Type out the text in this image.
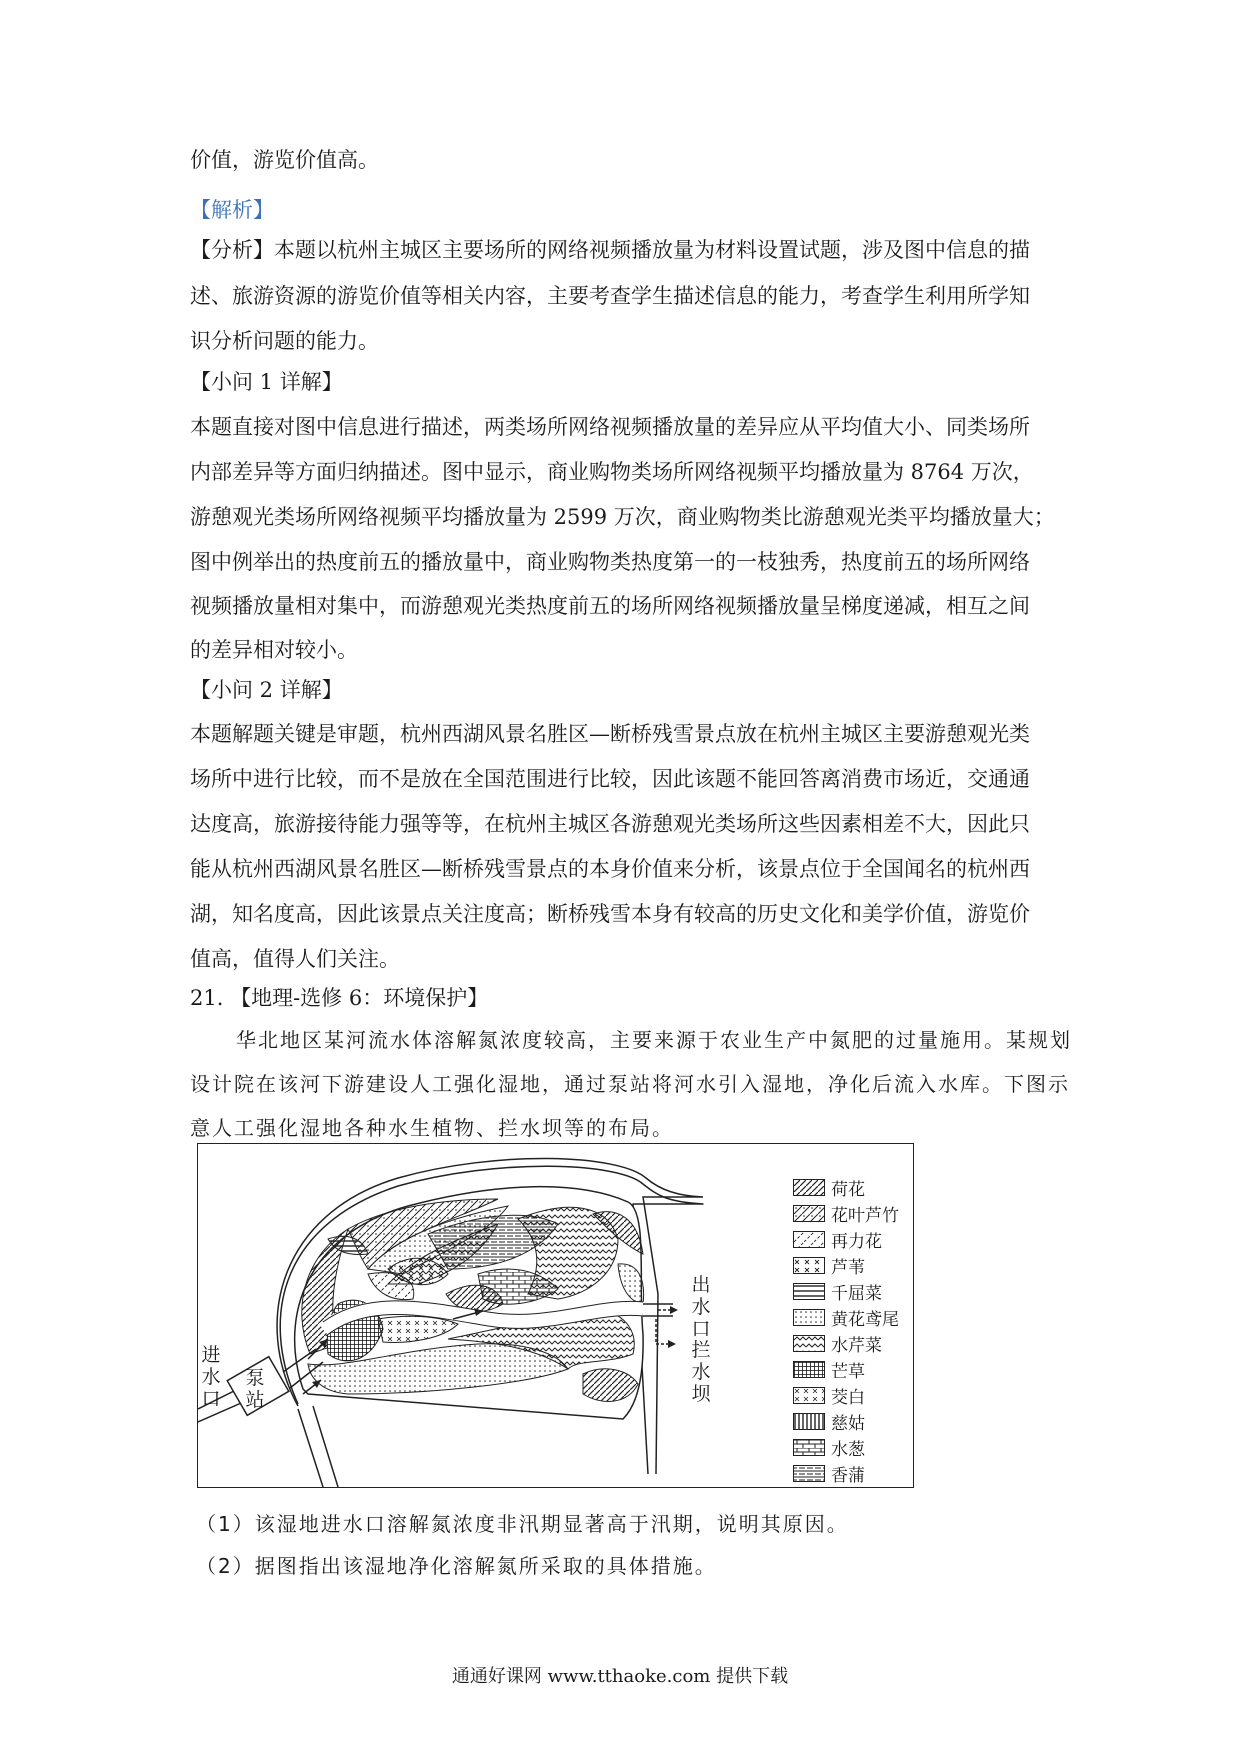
价值，游览价值高。
【解析】
【分析】本题以杭州主城区主要场所的网络视频播放量为材料设置试题，涉及图中信息的描
述、旅游资源的游览价值等相关内容，主要考查学生描述信息的能力，考查学生利用所学知
识分析问题的能力。
【小问 1 详解】
本题直接对图中信息进行描述，两类场所网络视频播放量的差异应从平均值大小、同类场所
内部差异等方面归纳描述。图中显示，商业购物类场所网络视频平均播放量为 8764 万次，
游憩观光类场所网络视频平均播放量为 2599 万次，商业购物类比游憩观光类平均播放量大；
图中例举出的热度前五的播放量中，商业购物类热度第一的一枝独秀，热度前五的场所网络
视频播放量相对集中，而游憩观光类热度前五的场所网络视频播放量呈梯度递减，相互之间
的差异相对较小。
【小问 2 详解】
本题解题关键是审题，杭州西湖风景名胜区—断桥残雪景点放在杭州主城区主要游憩观光类
场所中进行比较，而不是放在全国范围进行比较，因此该题不能回答离消费市场近，交通通
达度高，旅游接待能力强等等，在杭州主城区各游憩观光类场所这些因素相差不大，因此只
能从杭州西湖风景名胜区—断桥残雪景点的本身价值来分析，该景点位于全国闻名的杭州西
湖，知名度高，因此该景点关注度高；断桥残雪本身有较高的历史文化和美学价值，游览价
值高，值得人们关注。
21. 【地理-选修 6：环境保护】
华北地区某河流水体溶解氮浓度较高，主要来源于农业生产中氮肥的过量施用。某规划
设计院在该河下游建设人工强化湿地，通过泵站将河水引入湿地，净化后流入水库。下图示
意人工强化湿地各种水生植物、拦水坝等的布局。
进水口
泵站
出水口
拦水坝
荷花
花叶芦竹
再力花
芦苇
千屈菜
黄花鸢尾
水芹菜
芒草
茭白
慈姑
水葱
香蒲
（1）该湿地进水口溶解氮浓度非汛期显著高于汛期，说明其原因。
（2）据图指出该湿地净化溶解氮所采取的具体措施。
通通好课网 www.tthaoke.com 提供下载
